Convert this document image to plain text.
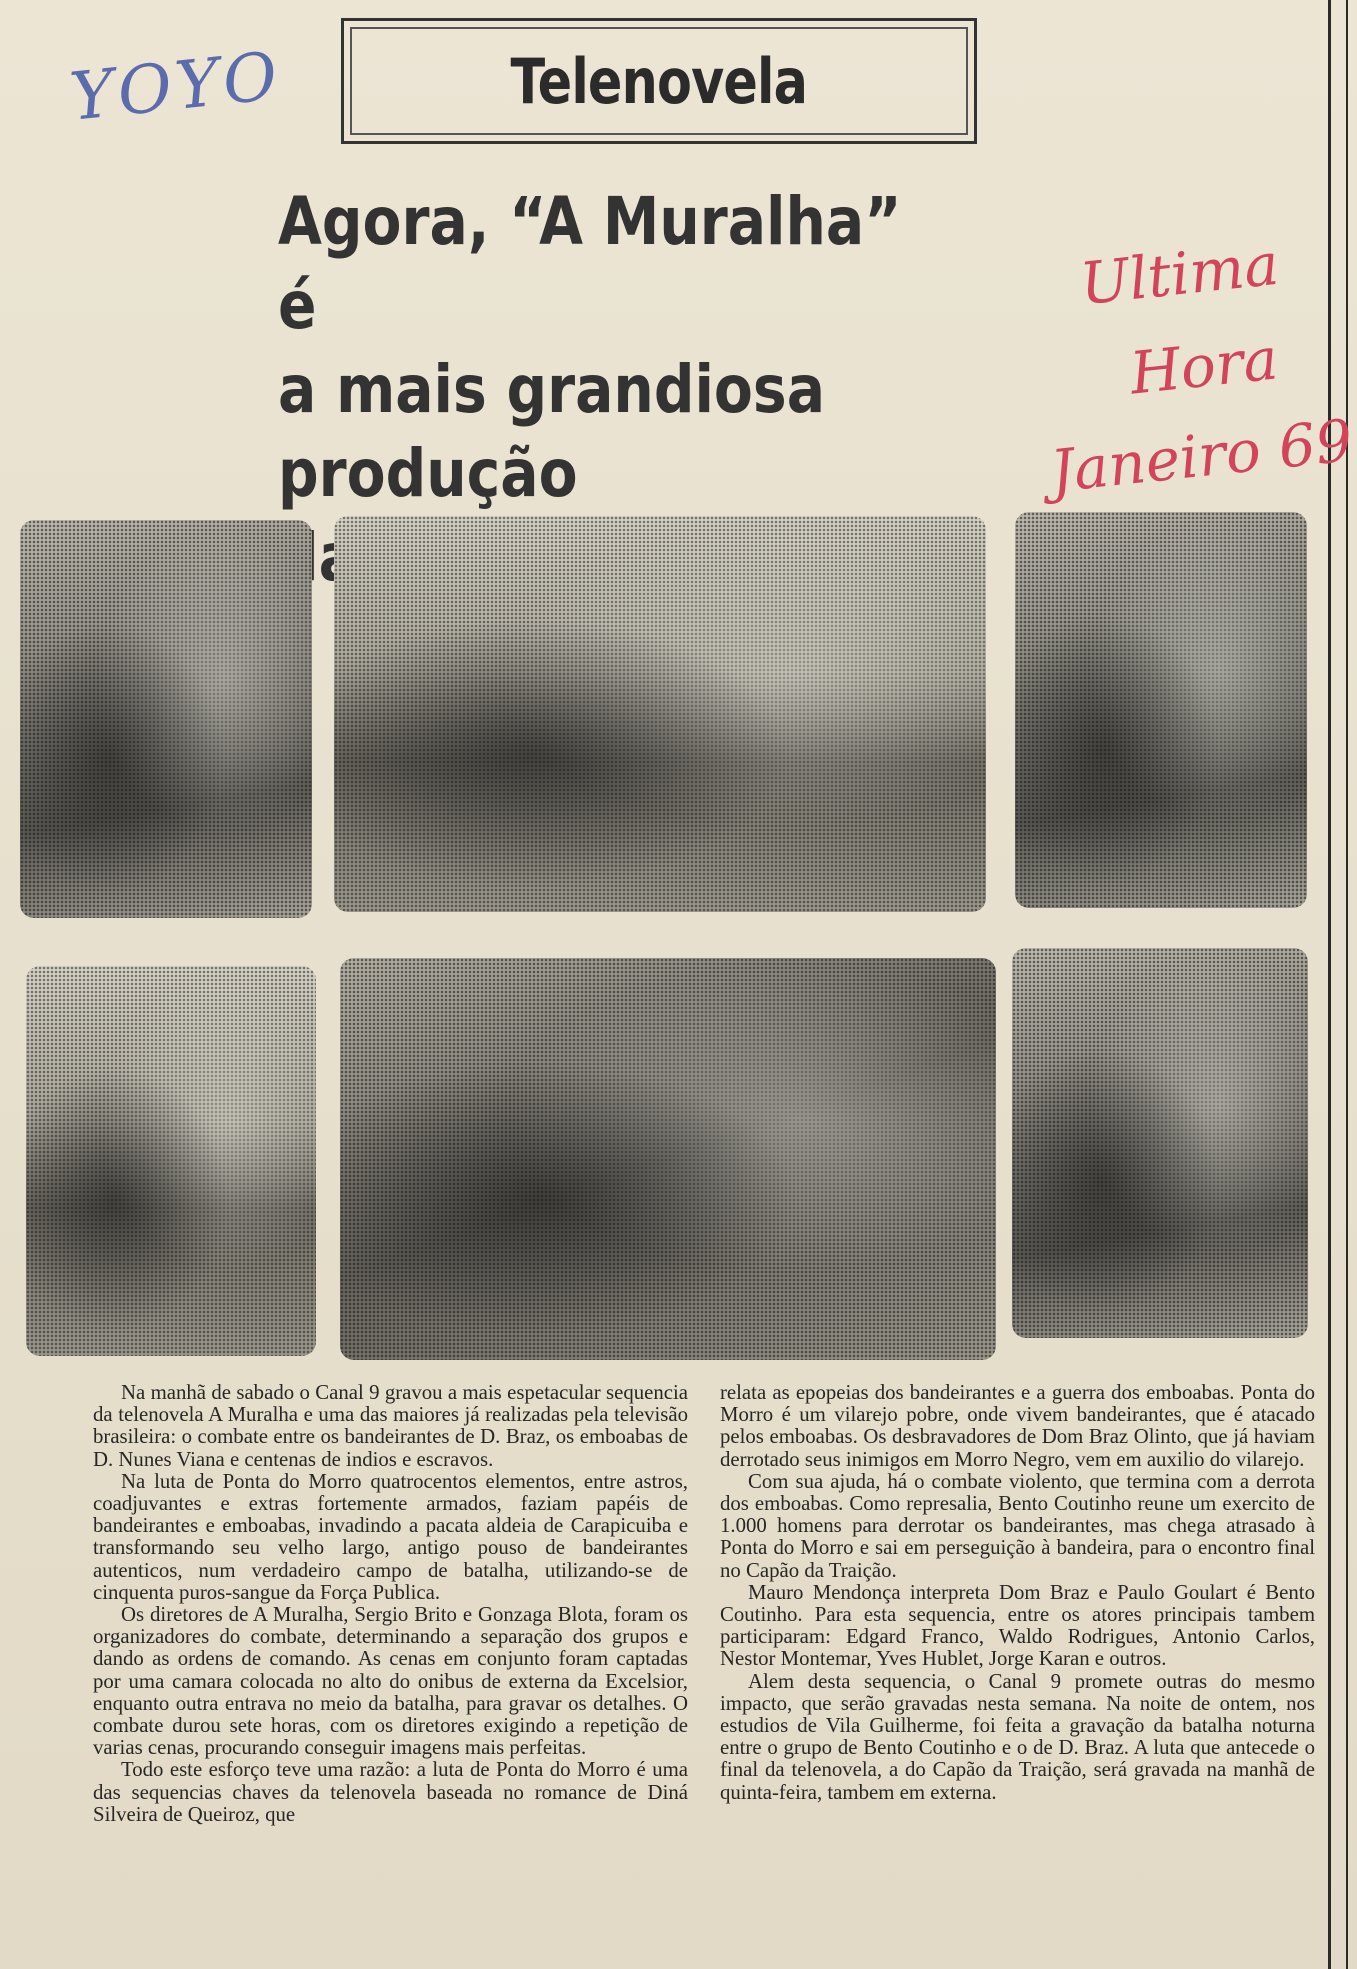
YOYO	Telenovela
Agora, “A Muralha” é
a mais grandiosa produção
da
Ultima
Hora
Janeiro 69

Na manhã de sabado o Canal 9 gravou a mais espetacular sequencia da telenovela A Muralha e uma das maiores já realizadas pela televisão brasileira: o combate entre os bandeirantes de D. Braz, os emboabas de D. Nunes Viana e centenas de indios e escravos.

Na luta de Ponta do Morro quatrocentos elementos, entre astros, coadjuvantes e extras fortemente armados, faziam papéis de bandeirantes e emboabas, invadindo a pacata aldeia de Carapicuiba e transformando seu velho largo, antigo pouso de bandeirantes autenticos, num verdadeiro campo de batalha, utilizando-se de cinquenta puros-sangue da Força Publica.

Os diretores de A Muralha, Sergio Brito e Gonzaga Blota, foram os organizadores do combate, determinando a separação dos grupos e dando as ordens de comando. As cenas em conjunto foram captadas por uma camara colocada no alto do onibus de externa da Excelsior, enquanto outra entrava no meio da batalha, para gravar os detalhes. O combate durou sete horas, com os diretores exigindo a repetição de varias cenas, procurando conseguir imagens mais perfeitas.

Todo este esforço teve uma razão: a luta de Ponta do Morro é uma das sequencias chaves da telenovela baseada no romance de Diná Silveira de Queiroz, que

relata as epopeias dos bandeirantes e a guerra dos emboabas. Ponta do Morro é um vilarejo pobre, onde vivem bandeirantes, que é atacado pelos emboabas. Os desbravadores de Dom Braz Olinto, que já haviam derrotado seus inimigos em Morro Negro, vem em auxilio do vilarejo.

Com sua ajuda, há o combate violento, que termina com a derrota dos emboabas. Como represalia, Bento Coutinho reune um exercito de 1.000 homens para derrotar os bandeirantes, mas chega atrasado à Ponta do Morro e sai em perseguição à bandeira, para o encontro final no Capão da Traição.

Mauro Mendonça interpreta Dom Braz e Paulo Goulart é Bento Coutinho. Para esta sequencia, entre os atores principais tambem participaram: Edgard Franco, Waldo Rodrigues, Antonio Carlos, Nestor Montemar, Yves Hublet, Jorge Karan e outros.

Alem desta sequencia, o Canal 9 promete outras do mesmo impacto, que serão gravadas nesta semana. Na noite de ontem, nos estudios de Vila Guilherme, foi feita a gravação da batalha noturna entre o grupo de Bento Coutinho e o de D. Braz. A luta que antecede o final da telenovela, a do Capão da Traição, será gravada na manhã de quinta-feira, tambem em externa.
